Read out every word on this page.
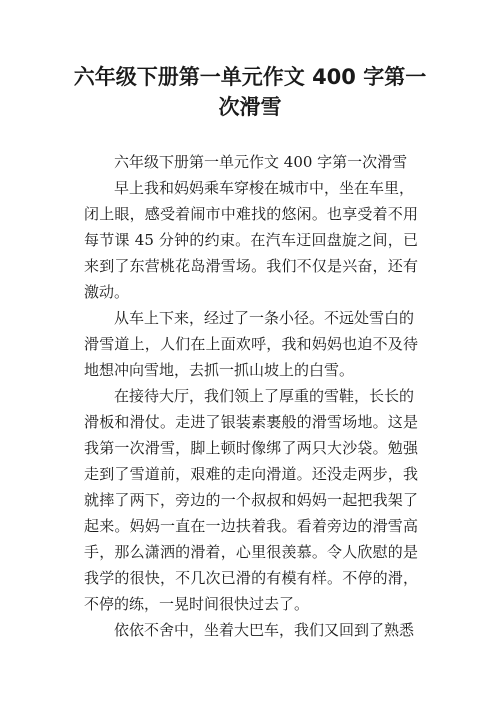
六年级下册第一单元作文 400 字第一
次滑雪

六年级下册第一单元作文 400 字第一次滑雪

早上我和妈妈乘车穿梭在城市中，坐在车里，

闭上眼，感受着闹市中难找的悠闲。也享受着不用

每节课 45 分钟的约束。在汽车迂回盘旋之间，已

来到了东营桃花岛滑雪场。我们不仅是兴奋，还有

激动。

从车上下来，经过了一条小径。不远处雪白的

滑雪道上，人们在上面欢呼，我和妈妈也迫不及待

地想冲向雪地，去抓一抓山坡上的白雪。

在接待大厅，我们领上了厚重的雪鞋，长长的

滑板和滑仗。走进了银装素裹般的滑雪场地。这是

我第一次滑雪，脚上顿时像绑了两只大沙袋。勉强

走到了雪道前，艰难的走向滑道。还没走两步，我

就摔了两下，旁边的一个叔叔和妈妈一起把我架了

起来。妈妈一直在一边扶着我。看着旁边的滑雪高

手，那么潇洒的滑着，心里很羡慕。令人欣慰的是

我学的很快，不几次已滑的有模有样。不停的滑，

不停的练，一晃时间很快过去了。

依依不舍中，坐着大巴车，我们又回到了熟悉
